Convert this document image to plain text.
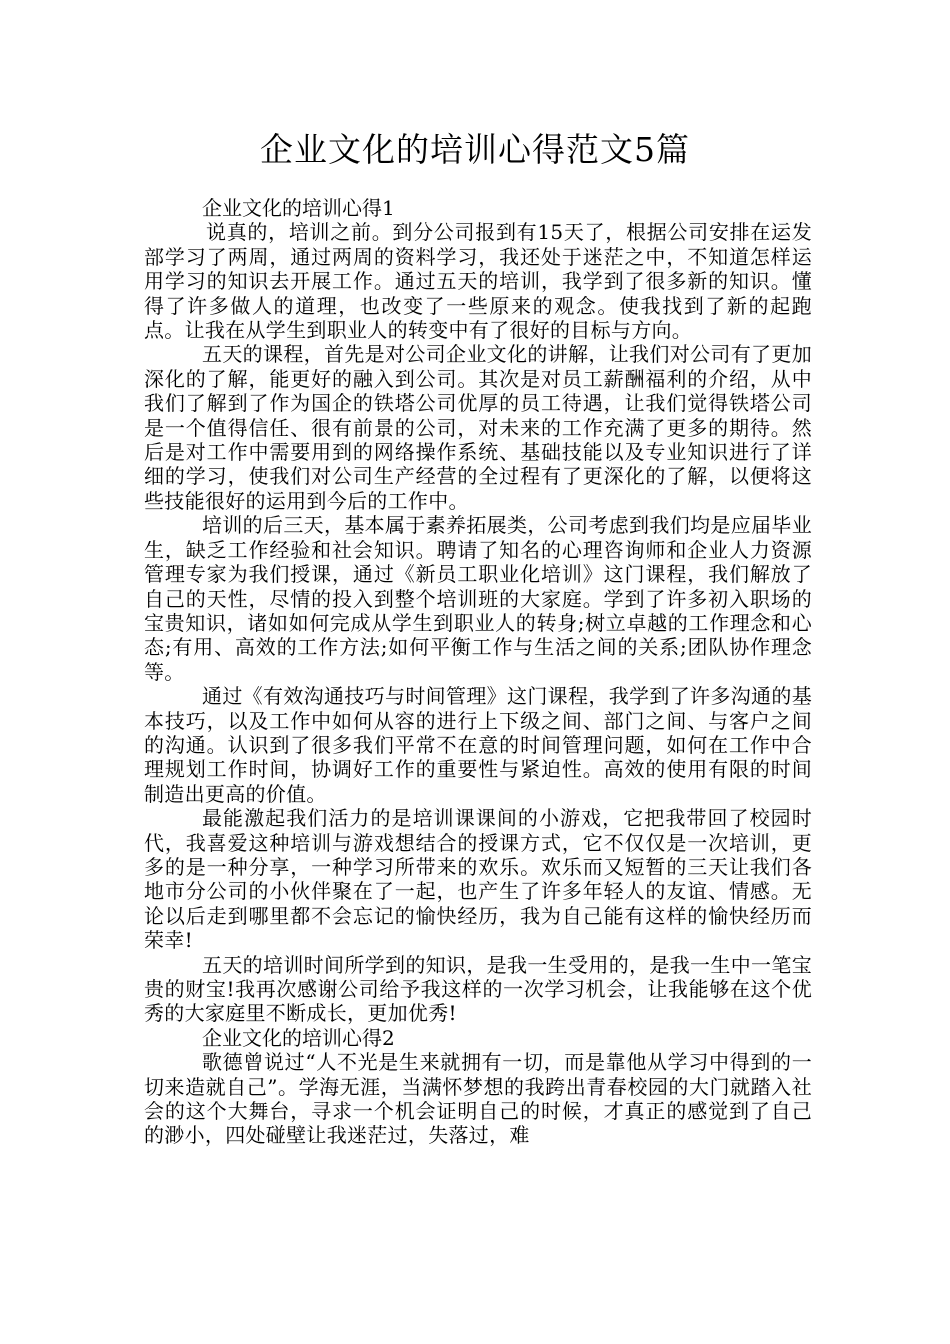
企业文化的培训心得范文5篇
企业文化的培训心得1

说真的，培训之前。到分公司报到有15天了，根据公司安排在运发部学习了两周，通过两周的资料学习，我还处于迷茫之中，不知道怎样运用学习的知识去开展工作。通过五天的培训，我学到了很多新的知识。懂得了许多做人的道理，也改变了一些原来的观念。使我找到了新的起跑点。让我在从学生到职业人的转变中有了很好的目标与方向。

五天的课程，首先是对公司企业文化的讲解，让我们对公司有了更加深化的了解，能更好的融入到公司。其次是对员工薪酬福利的介绍，从中我们了解到了作为国企的铁塔公司优厚的员工待遇，让我们觉得铁塔公司是一个值得信任、很有前景的公司，对未来的工作充满了更多的期待。然后是对工作中需要用到的网络操作系统、基础技能以及专业知识进行了详细的学习，使我们对公司生产经营的全过程有了更深化的了解，以便将这些技能很好的运用到今后的工作中。

培训的后三天，基本属于素养拓展类，公司考虑到我们均是应届毕业生，缺乏工作经验和社会知识。聘请了知名的心理咨询师和企业人力资源管理专家为我们授课，通过《新员工职业化培训》这门课程，我们解放了自己的天性，尽情的投入到整个培训班的大家庭。学到了许多初入职场的宝贵知识，诸如如何完成从学生到职业人的转身;树立卓越的工作理念和心态;有用、高效的工作方法;如何平衡工作与生活之间的关系;团队协作理念等。

通过《有效沟通技巧与时间管理》这门课程，我学到了许多沟通的基本技巧，以及工作中如何从容的进行上下级之间、部门之间、与客户之间的沟通。认识到了很多我们平常不在意的时间管理问题，如何在工作中合理规划工作时间，协调好工作的重要性与紧迫性。高效的使用有限的时间制造出更高的价值。

最能激起我们活力的是培训课课间的小游戏，它把我带回了校园时代，我喜爱这种培训与游戏想结合的授课方式，它不仅仅是一次培训，更多的是一种分享，一种学习所带来的欢乐。欢乐而又短暂的三天让我们各地市分公司的小伙伴聚在了一起，也产生了许多年轻人的友谊、情感。无论以后走到哪里都不会忘记的愉快经历，我为自己能有这样的愉快经历而荣幸!

五天的培训时间所学到的知识，是我一生受用的，是我一生中一笔宝贵的财宝!我再次感谢公司给予我这样的一次学习机会，让我能够在这个优秀的大家庭里不断成长，更加优秀!

企业文化的培训心得2

歌德曾说过“人不光是生来就拥有一切，而是靠他从学习中得到的一切来造就自己”。学海无涯，当满怀梦想的我跨出青春校园的大门就踏入社会的这个大舞台，寻求一个机会证明自己的时候，才真正的感觉到了自己的渺小，四处碰壁让我迷茫过，失落过，难
